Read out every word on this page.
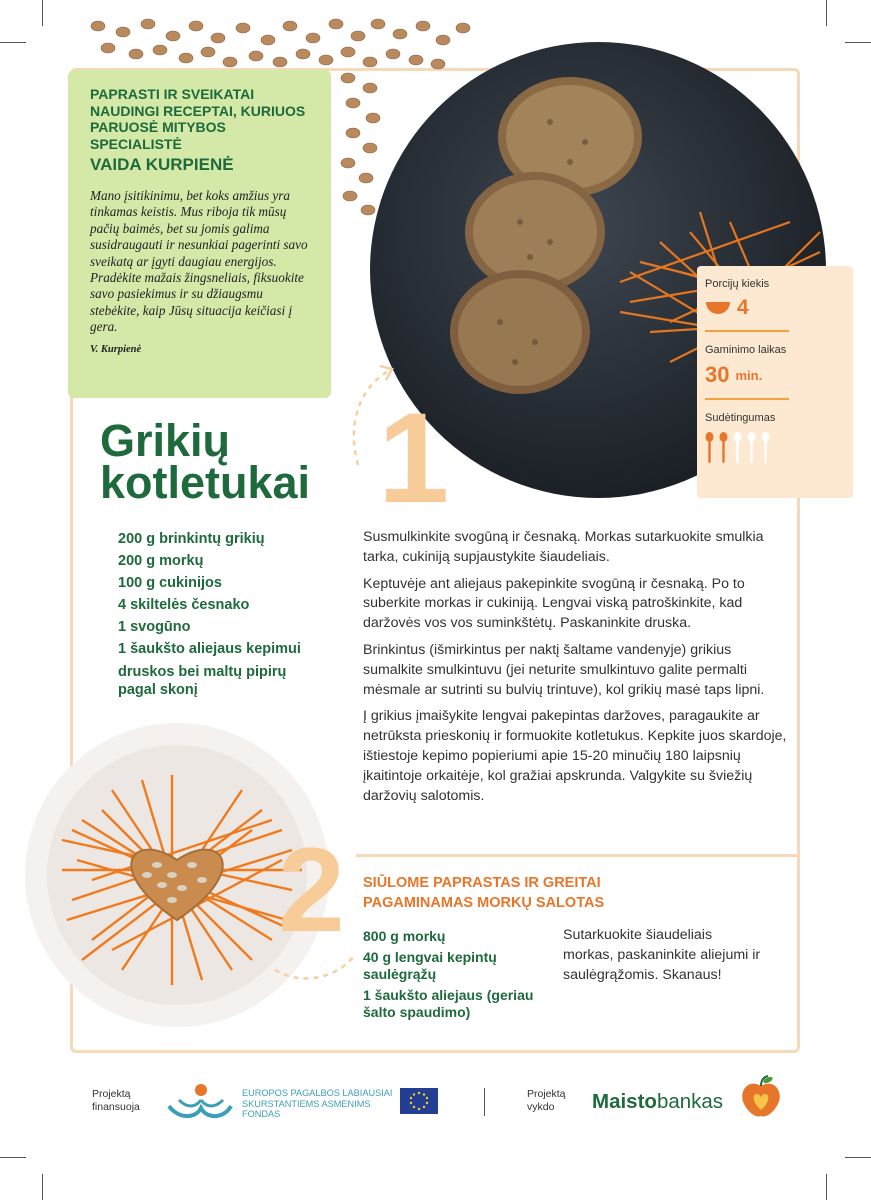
PAPRASTI IR SVEIKATAI NAUDINGI RECEPTAI, KURIUOS PARUOSĖ MITYBOS SPECIALISTĖ
VAIDA KURPIENĖ

Mano įsitikinimu, bet koks amžius yra tinkamas keistis. Mus riboja tik mūsų pačių baimės, bet su jomis galima susidraugauti ir nesunkiai pagerinti savo sveikatą ar įgyti daugiau energijos. Pradėkite mažais žingsneliais, fiksuokite savo pasiekimus ir su džiaugsmu stebėkite, kaip Jūsų situacija keičiasi į gera.

V. Kurpienė
Porcijų kiekis
4
Gaminimo laikas
30 min.
Sudėtingumas
1
Grikių
kotletukai
200 g brinkintų grikių
200 g morkų
100 g cukinijos
4 skiltelės česnako
1 svogūno
1 šaukšto aliejaus kepimui
druskos bei maltų pipirų pagal skonį

Susmulkinkite svogūną ir česnaką. Morkas sutarkuokite smulkia tarka, cukiniją supjaustykite šiaudeliais.

Keptuvėje ant aliejaus pakepinkite svogūną ir česnaką. Po to suberkite morkas ir cukiniją. Lengvai viską patroškinkite, kad daržovės vos vos suminkštėtų. Paskaninkite druska.

Brinkintus (išmirkintus per naktį šaltame vandenyje) grikius sumalkite smulkintuvu (jei neturite smulkintuvo galite permalti mėsmale ar sutrinti su bulvių trintuve), kol grikių masė taps lipni.

Į grikius įmaišykite lengvai pakepintas daržoves, paragaukite ar netrūksta prieskonių ir formuokite kotletukus. Kepkite juos skardoje, ištiestoje kepimo popieriumi apie 15-20 minučių 180 laipsnių įkaitintoje orkaitėje, kol gražiai apskrunda. Valgykite su šviežių daržovių salotomis.

2 SIŪLOME PAPRASTAS IR GREITAI PAGAMINAMAS MORKŲ SALOTAS
800 g morkų
40 g lengvai kepintų saulėgrąžų
1 šaukšto aliejaus (geriau šalto spaudimo)
Sutarkuokite šiaudeliais morkas, paskaninkite aliejumi ir saulėgrąžomis. Skanaus!
Projektą finansuoja
EUROPOS PAGALBOS LABIAUSIAI SKURSTANTIEMS ASMENIMS FONDAS
Projektą vykdo	Maistobankas
